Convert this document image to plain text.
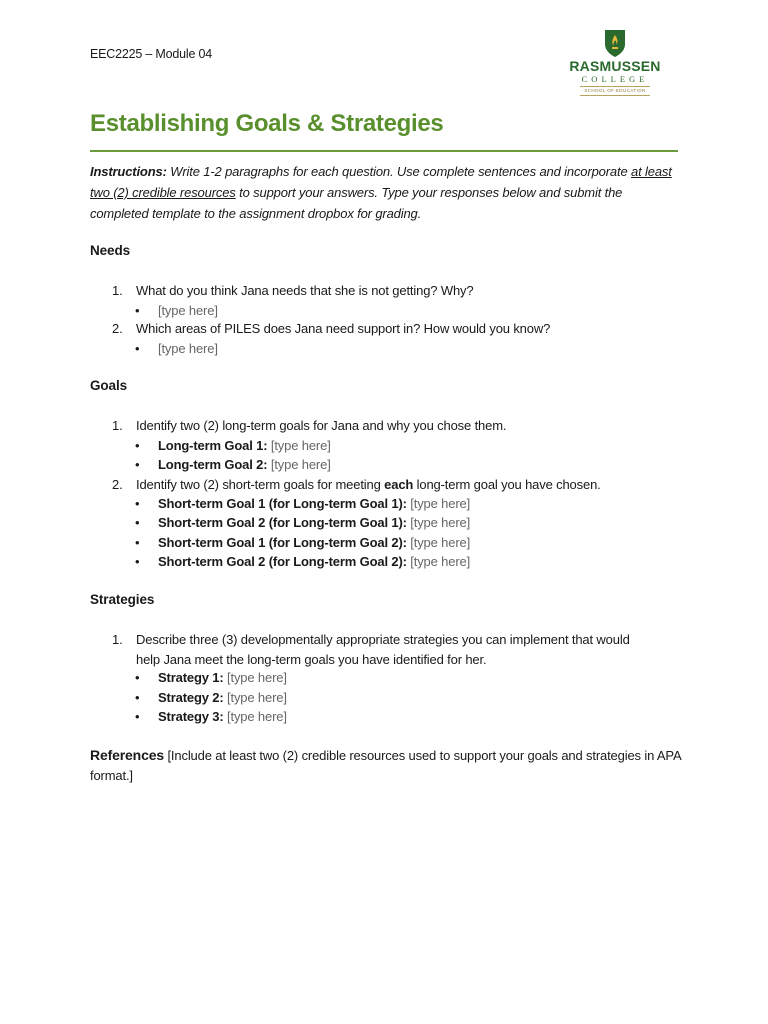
EEC2225 – Module 04
RASMUSSEN
COLLEGE
SCHOOL OF EDUCATION
Establishing Goals & Strategies
Instructions: Write 1-2 paragraphs for each question. Use complete sentences and incorporate at least two (2) credible resources to support your answers. Type your responses below and submit the completed template to the assignment dropbox for grading.
Needs
1.	What do you think Jana needs that she is not getting? Why?
•	[type here]
2.	Which areas of PILES does Jana need support in? How would you know?
•	[type here]
Goals
1.	Identify two (2) long-term goals for Jana and why you chose them.
•	Long-term Goal 1: [type here]
•	Long-term Goal 2: [type here]
2.	Identify two (2) short-term goals for meeting each long-term goal you have chosen.
•	Short-term Goal 1 (for Long-term Goal 1): [type here]
•	Short-term Goal 2 (for Long-term Goal 1): [type here]
•	Short-term Goal 1 (for Long-term Goal 2): [type here]
•	Short-term Goal 2 (for Long-term Goal 2): [type here]
Strategies
1.	Describe three (3) developmentally appropriate strategies you can implement that would help Jana meet the long-term goals you have identified for her.
•	Strategy 1: [type here]
•	Strategy 2: [type here]
•	Strategy 3: [type here]
References [Include at least two (2) credible resources used to support your goals and strategies in APA format.]
